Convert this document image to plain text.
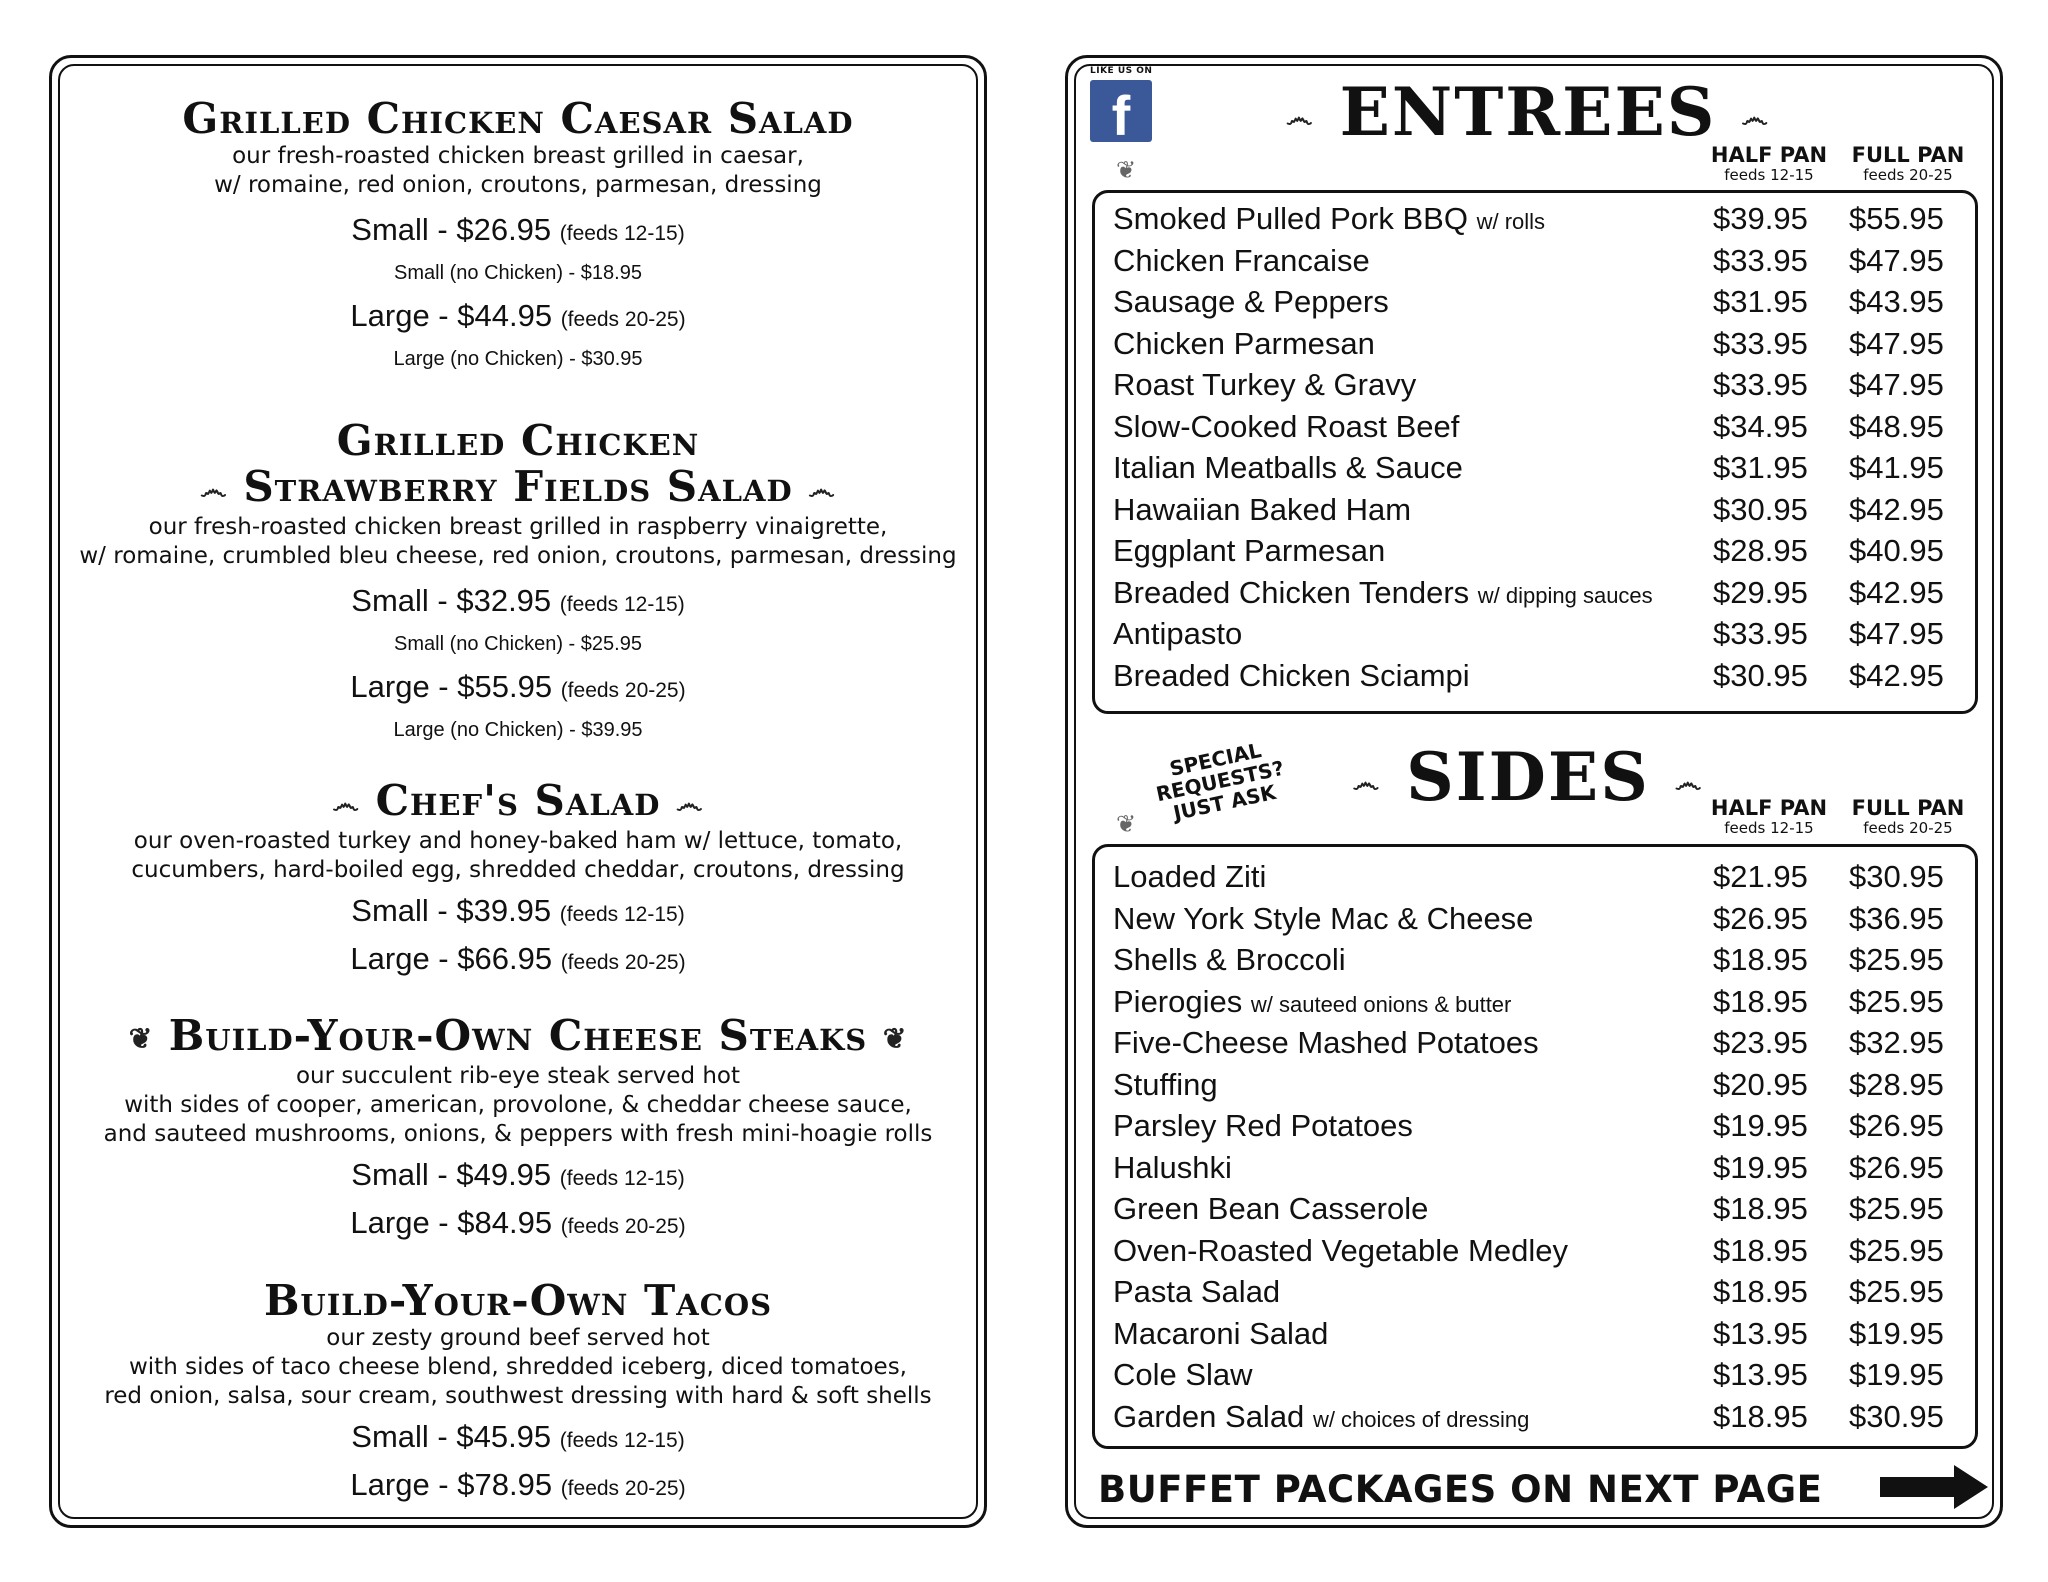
Grilled Chicken Caesar Salad
our fresh-roasted chicken breast grilled in caesar,
w/ romaine, red onion, croutons, parmesan, dressing
Small - $26.95 (feeds 12-15)
Small (no Chicken) - $18.95
Large - $44.95 (feeds 20-25)
Large (no Chicken) - $30.95
Grilled Chicken
෴ Strawberry Fields Salad ෴
our fresh-roasted chicken breast grilled in raspberry vinaigrette,
w/ romaine, crumbled bleu cheese, red onion, croutons, parmesan, dressing
Small - $32.95 (feeds 12-15)
Small (no Chicken) - $25.95
Large - $55.95 (feeds 20-25)
Large (no Chicken) - $39.95
෴ Chef's Salad ෴
our oven-roasted turkey and honey-baked ham w/ lettuce, tomato,
cucumbers, hard-boiled egg, shredded cheddar, croutons, dressing
Small - $39.95 (feeds 12-15)
Large - $66.95 (feeds 20-25)
❦ Build-Your-Own Cheese Steaks ❦
our succulent rib-eye steak served hot
with sides of cooper, american, provolone, & cheddar cheese sauce,
and sauteed mushrooms, onions, & peppers with fresh mini-hoagie rolls
Small - $49.95 (feeds 12-15)
Large - $84.95 (feeds 20-25)
Build-Your-Own Tacos
our zesty ground beef served hot
with sides of taco cheese blend, shredded iceberg, diced tomatoes,
red onion, salsa, sour cream, southwest dressing with hard & soft shells
Small - $45.95 (feeds 12-15)
Large - $78.95 (feeds 20-25)
LIKE US ON
f	෴ ENTREES ෴
❦
HALF PAN
feeds 12-15
FULL PAN
feeds 20-25
Smoked Pulled Pork BBQ w/ rolls	$39.95 $55.95
Chicken Francaise	$33.95 $47.95
Sausage & Peppers	$31.95 $43.95
Chicken Parmesan	$33.95 $47.95
Roast Turkey & Gravy	$33.95 $47.95
Slow-Cooked Roast Beef	$34.95 $48.95
Italian Meatballs & Sauce	$31.95 $41.95
Hawaiian Baked Ham	$30.95 $42.95
Eggplant Parmesan	$28.95 $40.95
Breaded Chicken Tenders w/ dipping sauces $29.95 $42.95
Antipasto	$33.95 $47.95
Breaded Chicken Sciampi	$30.95 $42.95
SPECIAL REQUESTS? JUST ASK	෴ SIDES ෴
❦
HALF PAN
feeds 12-15
FULL PAN
feeds 20-25
Loaded Ziti	$21.95 $30.95
New York Style Mac & Cheese	$26.95 $36.95
Shells & Broccoli	$18.95 $25.95
Pierogies w/ sauteed onions & butter	$18.95 $25.95
Five-Cheese Mashed Potatoes	$23.95 $32.95
Stuffing	$20.95 $28.95
Parsley Red Potatoes	$19.95 $26.95
Halushki	$19.95 $26.95
Green Bean Casserole	$18.95 $25.95
Oven-Roasted Vegetable Medley	$18.95 $25.95
Pasta Salad	$18.95 $25.95
Macaroni Salad	$13.95 $19.95
Cole Slaw	$13.95 $19.95
Garden Salad w/ choices of dressing	$18.95 $30.95
BUFFET PACKAGES ON NEXT PAGE
